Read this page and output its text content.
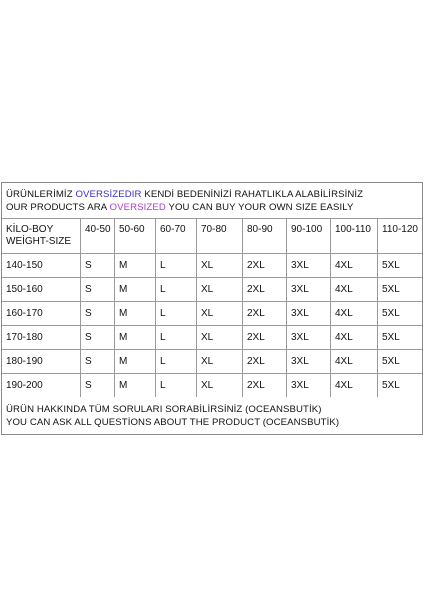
ÜRÜNLERİMİZ OVERSİZEDIR KENDİ BEDENİNİZİ RAHATLIKLA ALABİLİRSİNİZ
OUR PRODUCTS ARA OVERSIZED YOU CAN BUY YOUR OWN SIZE EASILY
KİLO-BOY
WEİGHT-SIZE
40-50 50-60	60-70	70-80	80-90	90-100	100-110	110-120
140-150	S	M	L	XL	2XL	3XL	4XL	5XL
150-160	S	M	L	XL	2XL	3XL	4XL	5XL
160-170	S	M	L	XL	2XL	3XL	4XL	5XL
170-180	S	M	L	XL	2XL	3XL	4XL	5XL
180-190	S	M	L	XL	2XL	3XL	4XL	5XL
190-200	S	M	L	XL	2XL	3XL	4XL	5XL
ÜRÜN HAKKINDA TÜM SORULARI SORABİLİRSİNİZ (OCEANSBUTİK)
YOU CAN ASK ALL QUESTİONS ABOUT THE PRODUCT (OCEANSBUTİK)
